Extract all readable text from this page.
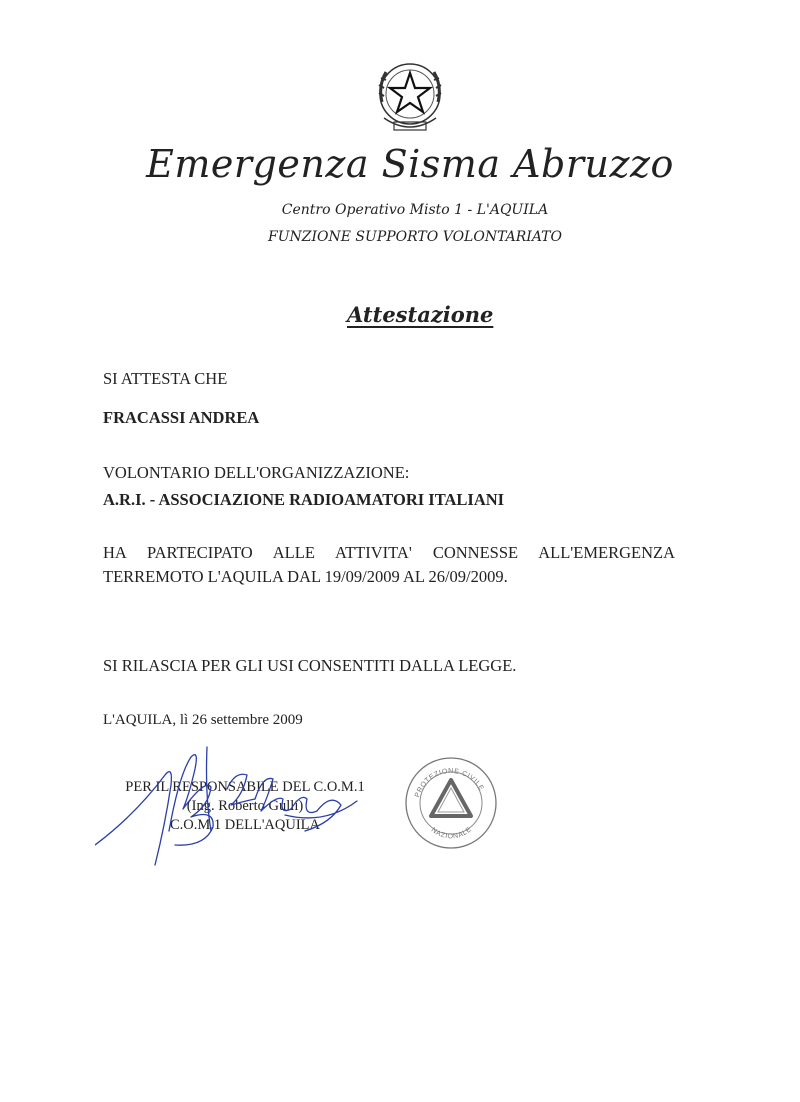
Emergenza Sisma Abruzzo
Centro Operativo Misto 1 - L'AQUILA
FUNZIONE SUPPORTO VOLONTARIATO
Attestazione
SI ATTESTA CHE
FRACASSI ANDREA
VOLONTARIO DELL'ORGANIZZAZIONE:
A.R.I. - ASSOCIAZIONE RADIOAMATORI ITALIANI
HA PARTECIPATO ALLE ATTIVITA' CONNESSE ALL'EMERGENZA
TERREMOTO L'AQUILA DAL 19/09/2009 AL 26/09/2009.
SI RILASCIA PER GLI USI CONSENTITI DALLA LEGGE.
L'AQUILA, lì 26 settembre 2009
PER IL RESPONSABILE DEL C.O.M.1
(Ing. Roberto Gulli)
C.O.M.1 DELL'AQUILA
PROTEZIONE CIVILE
NAZIONALE
